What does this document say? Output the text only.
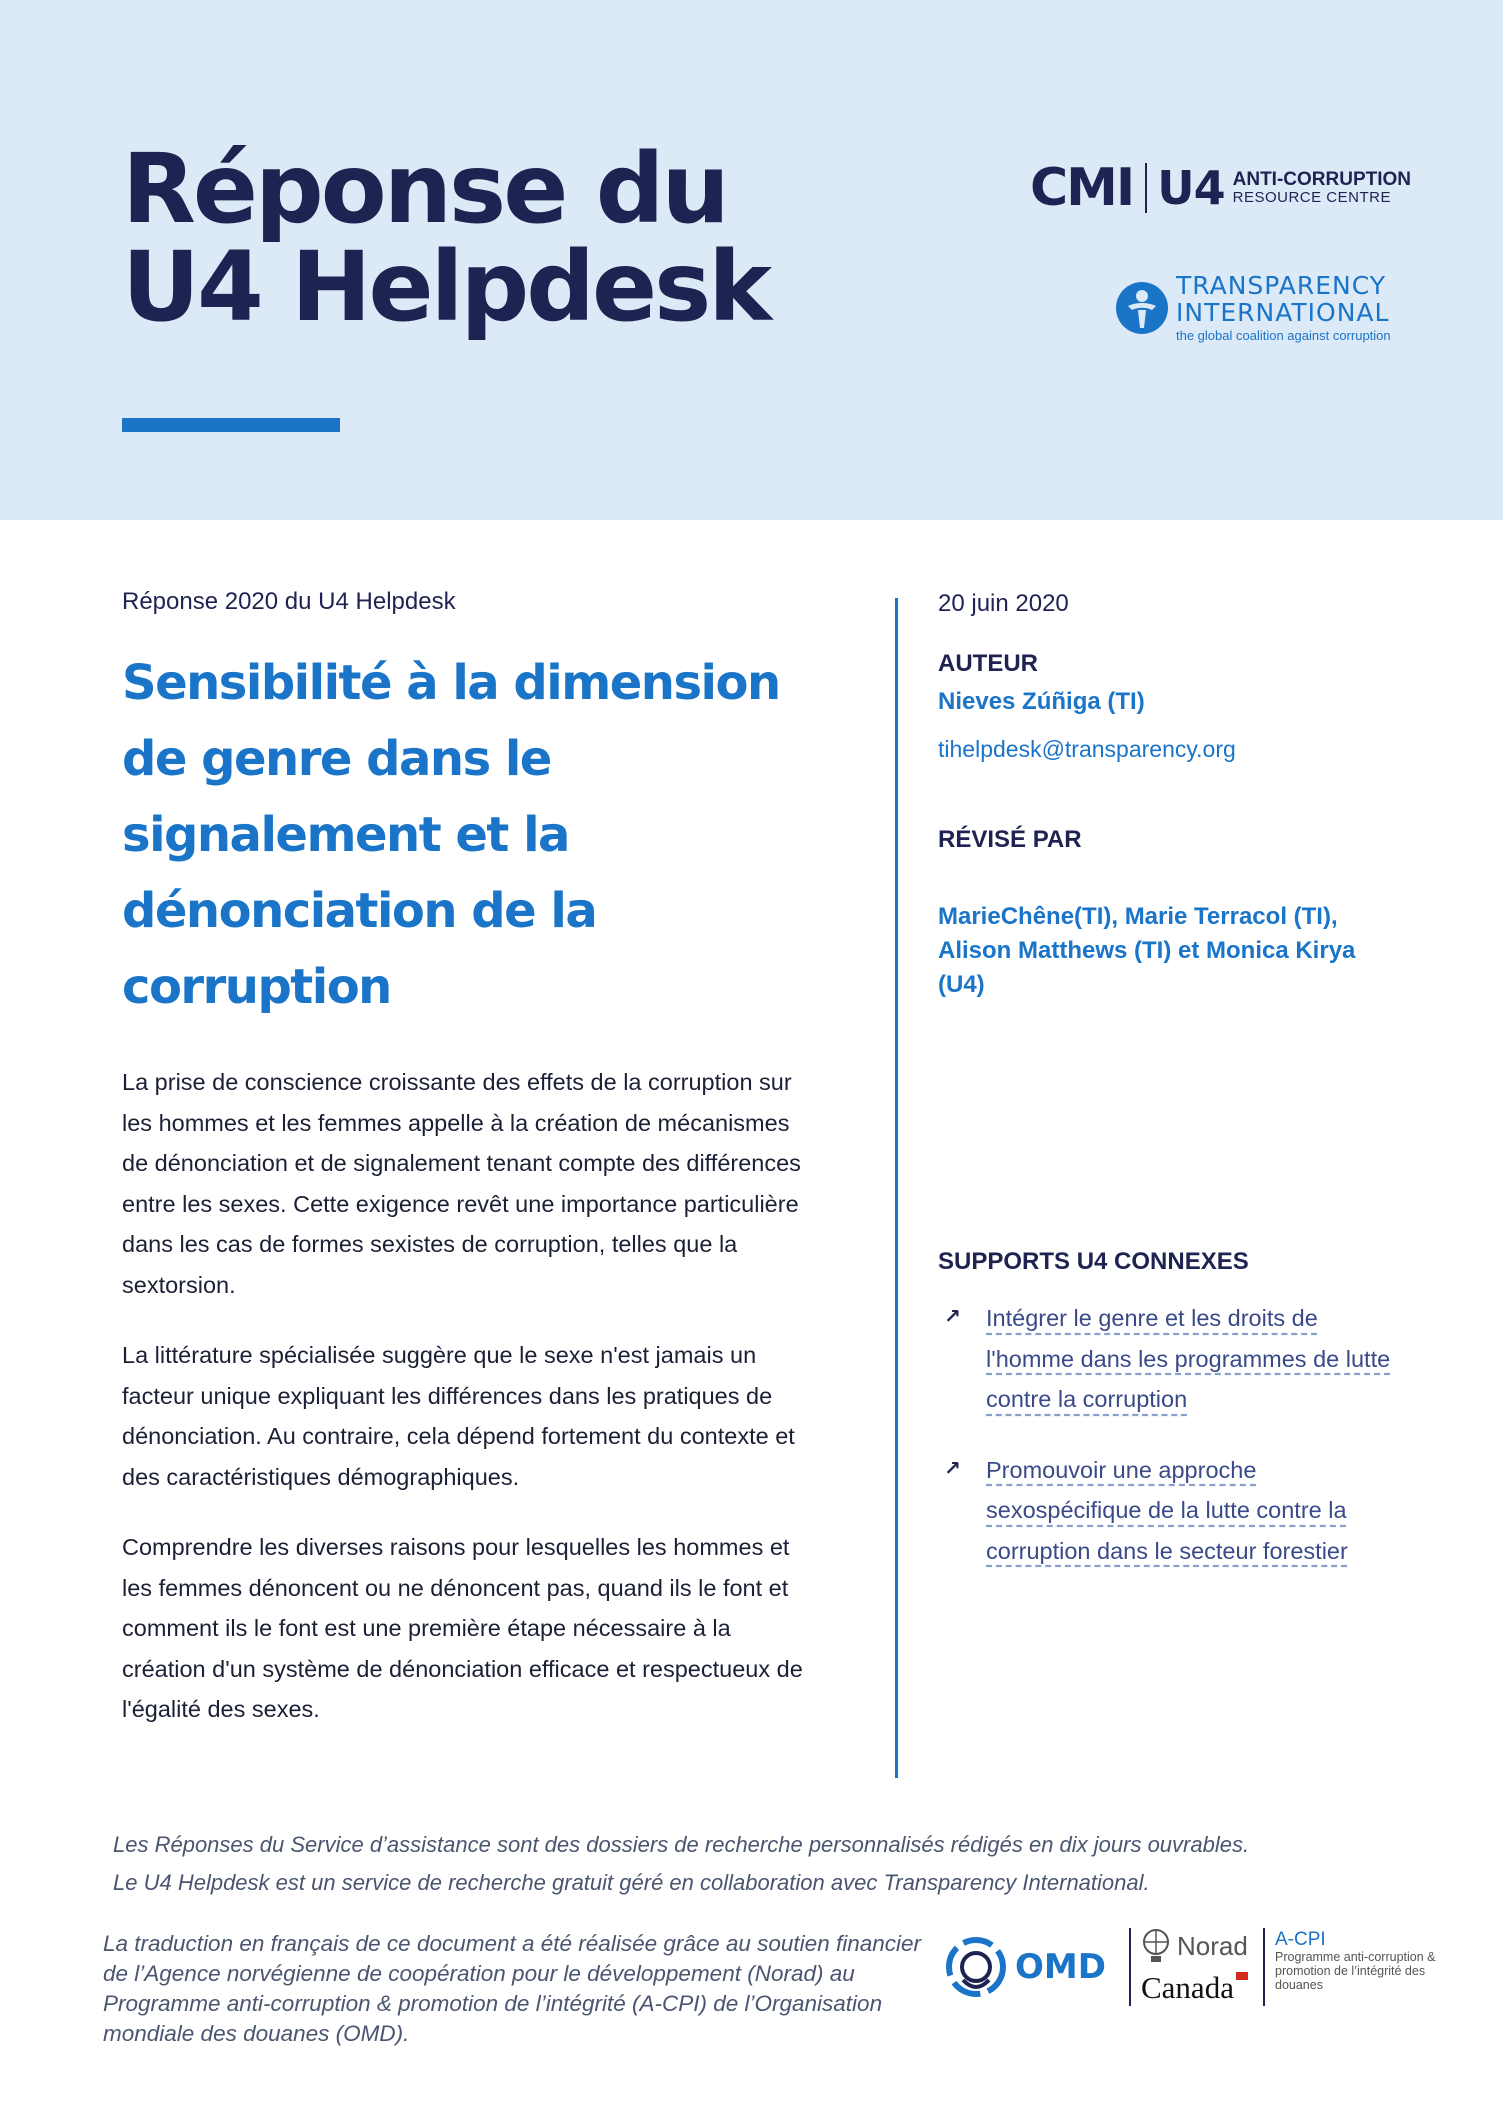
Réponse du
U4 Helpdesk
CMI U4 ANTI-CORRUPTION
RESOURCE CENTRE
TRANSPARENCY
INTERNATIONAL
the global coalition against corruption

Réponse 2020 du U4 Helpdesk

Sensibilité à la dimension de genre dans le signalement et la dénonciation de la corruption

La prise de conscience croissante des effets de la corruption sur les hommes et les femmes appelle à la création de mécanismes de dénonciation et de signalement tenant compte des différences entre les sexes. Cette exigence revêt une importance particulière dans les cas de formes sexistes de corruption, telles que la sextorsion.

La littérature spécialisée suggère que le sexe n'est jamais un facteur unique expliquant les différences dans les pratiques de dénonciation. Au contraire, cela dépend fortement du contexte et des caractéristiques démographiques.

Comprendre les diverses raisons pour lesquelles les hommes et les femmes dénoncent ou ne dénoncent pas, quand ils le font et comment ils le font est une première étape nécessaire à la création d'un système de dénonciation efficace et respectueux de l'égalité des sexes.

20 juin 2020

AUTEUR

Nieves Zúñiga (TI)

tihelpdesk@transparency.org

RÉVISÉ PAR

MarieChêne(TI), Marie Terracol (TI), Alison Matthews (TI) et Monica Kirya (U4)

SUPPORTS U4 CONNEXES

↗ Intégrer le genre et les droits de l'homme dans les programmes de lutte contre la corruption
↗ Promouvoir une approche sexospécifique de la lutte contre la corruption dans le secteur forestier

Les Réponses du Service d’assistance sont des dossiers de recherche personnalisés rédigés en dix jours ouvrables.

Le U4 Helpdesk est un service de recherche gratuit géré en collaboration avec Transparency International.

La traduction en français de ce document a été réalisée grâce au soutien financier de l’Agence norvégienne de coopération pour le développement (Norad) au Programme anti-corruption & promotion de l’intégrité (A-CPI) de l’Organisation mondiale des douanes (OMD).

OMD
Norad
Canada
A-CPI
Programme anti-corruption & promotion de l’intégrité des douanes
